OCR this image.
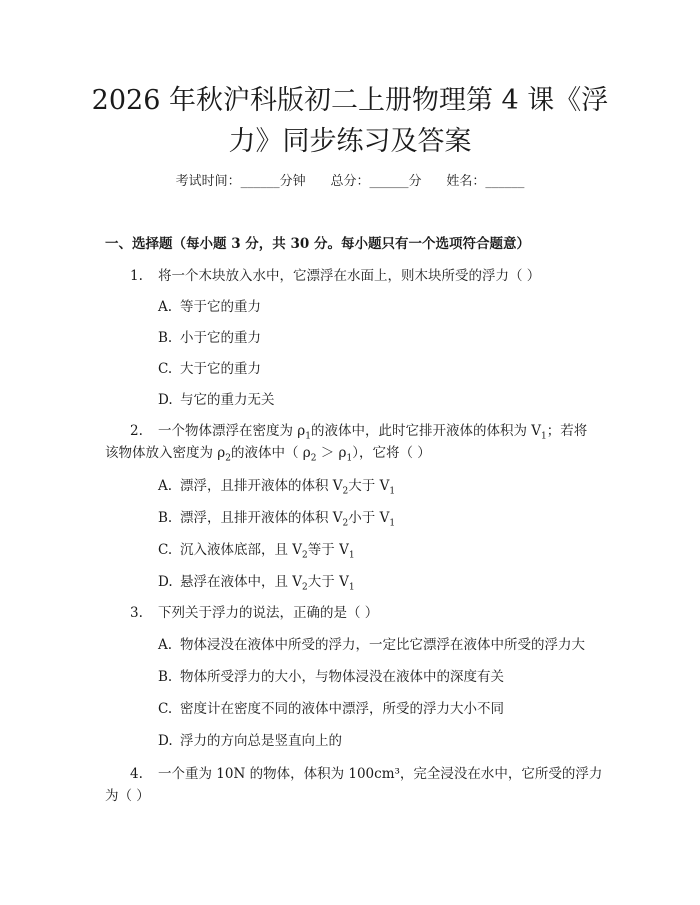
2026 年秋沪科版初二上册物理第 4 课《浮
力》同步练习及答案
考试时间：______分钟 总分：______分 姓名：______
一、选择题（每小题 3 分，共 30 分。每小题只有一个选项符合题意）
1. 将一个木块放入水中，它漂浮在水面上，则木块所受的浮力（ ）
A. 等于它的重力
B. 小于它的重力
C. 大于它的重力
D. 与它的重力无关
2. 一个物体漂浮在密度为 $\rho_1$的液体中，此时它排开液体的体积为 $V_1$；若将
该物体放入密度为 $\rho_2$的液体中（ $\rho_2 > \rho_1$），它将（ ）
A. 漂浮，且排开液体的体积 $V_2$大于 $V_1$
B. 漂浮，且排开液体的体积 $V_2$小于 $V_1$
C. 沉入液体底部，且 $V_2$等于 $V_1$
D. 悬浮在液体中，且 $V_2$大于 $V_1$
3. 下列关于浮力的说法，正确的是（ ）
A. 物体浸没在液体中所受的浮力，一定比它漂浮在液体中所受的浮力大
B. 物体所受浮力的大小，与物体浸没在液体中的深度有关
C. 密度计在密度不同的液体中漂浮，所受的浮力大小不同
D. 浮力的方向总是竖直向上的
4. 一个重为 10N 的物体，体积为 100cm³，完全浸没在水中，它所受的浮力
为（ ）
